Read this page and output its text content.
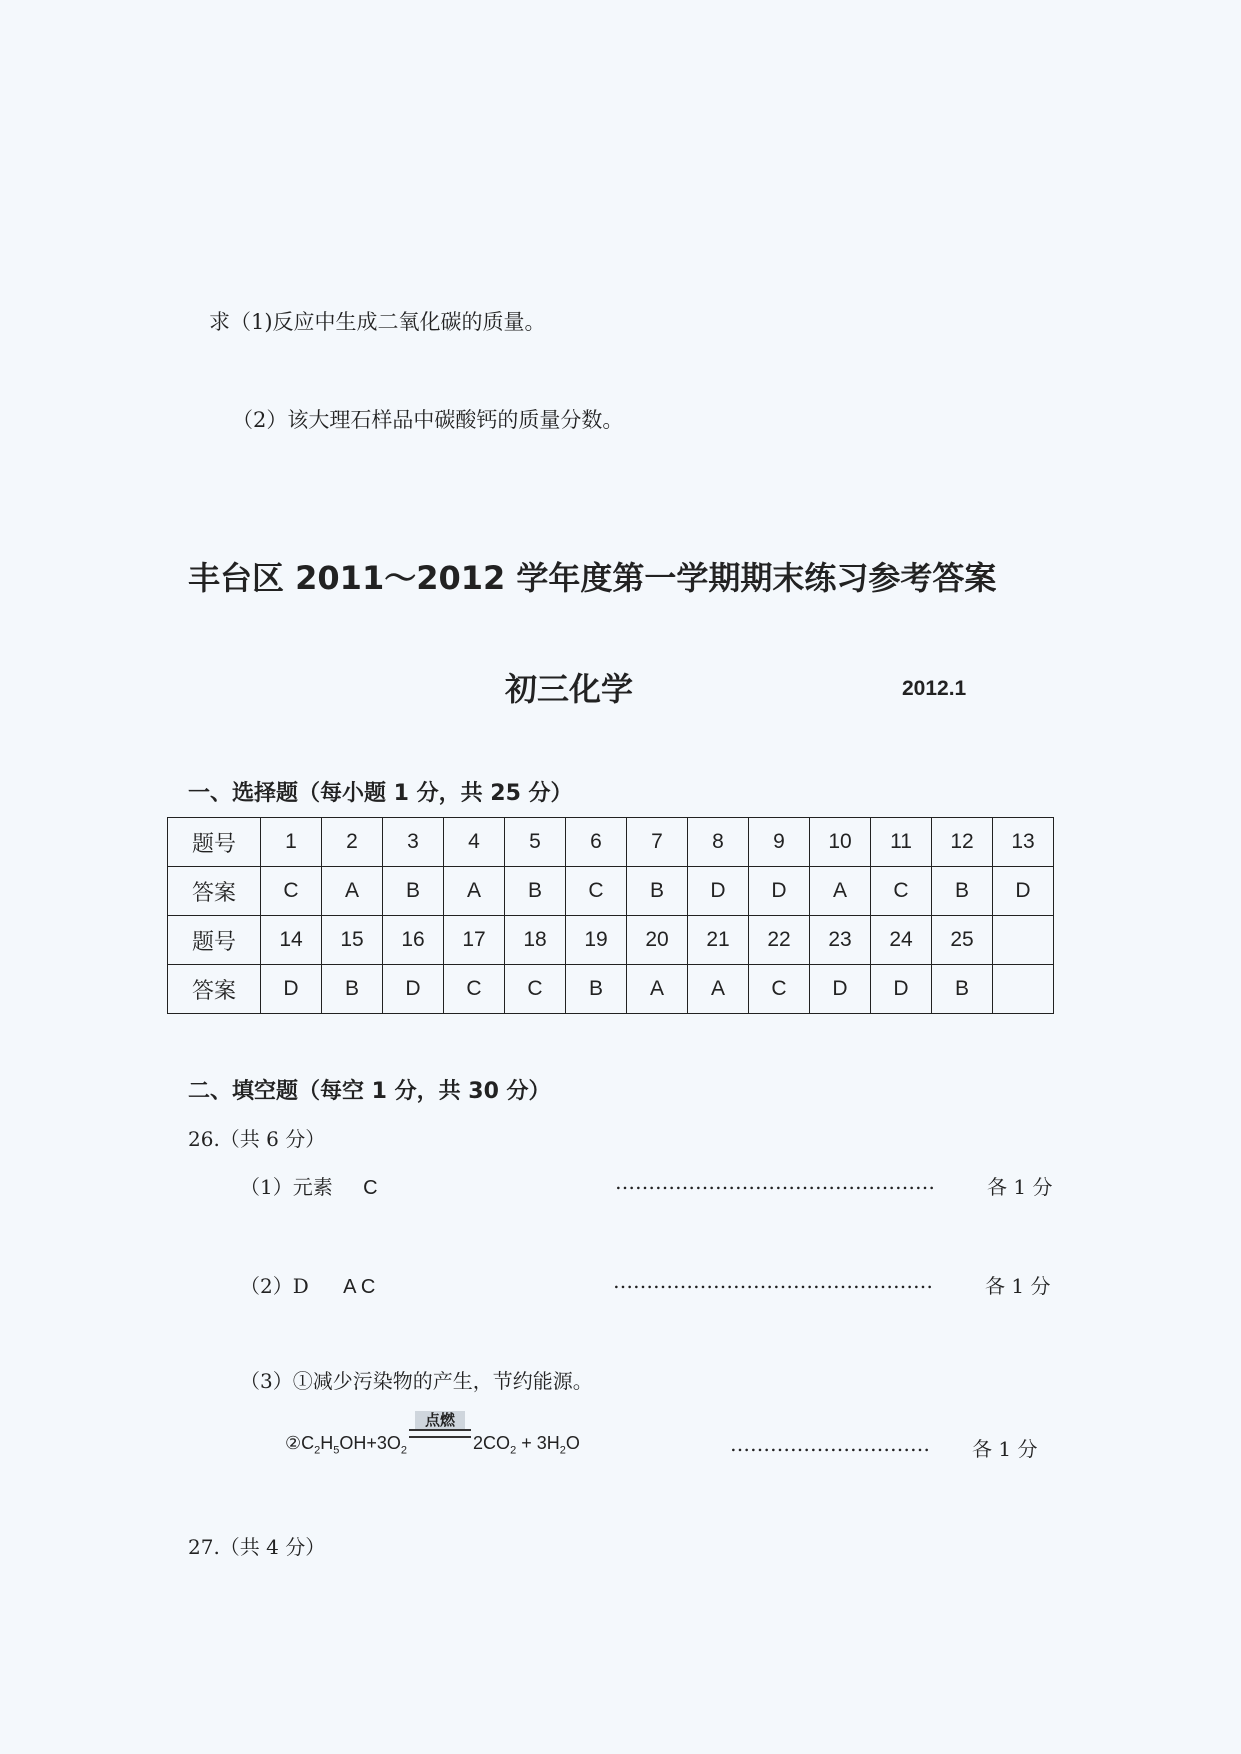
求（1)反应中生成二氧化碳的质量。
（2）该大理石样品中碳酸钙的质量分数。
丰台区 2011～2012 学年度第一学期期末练习参考答案
初三化学	2012.1
一、选择题（每小题 1 分，共 25 分）
题号	1	2	3	4	5	6	7	8	9	10	11	12	13
答案	C	A	B	A	B	C	B	D	D	A	C	B	D
题号	14	15	16	17	18	19	20	21	22	23	24	25	
答案	D	B	D	C	C	B	A	A	C	D	D	B	
二、填空题（每空 1 分，共 30 分）
26.（共 6 分）
（1）元素 C	…………………………………………	各 1 分
（2）D A C	…………………………………………	各 1 分
（3）①减少污染物的产生，节约能源。
$②C_2H_5OH+3O_2$
点燃
$2CO_2 + 3H_2O$	………………………… 各 1 分
27.（共 4 分）
